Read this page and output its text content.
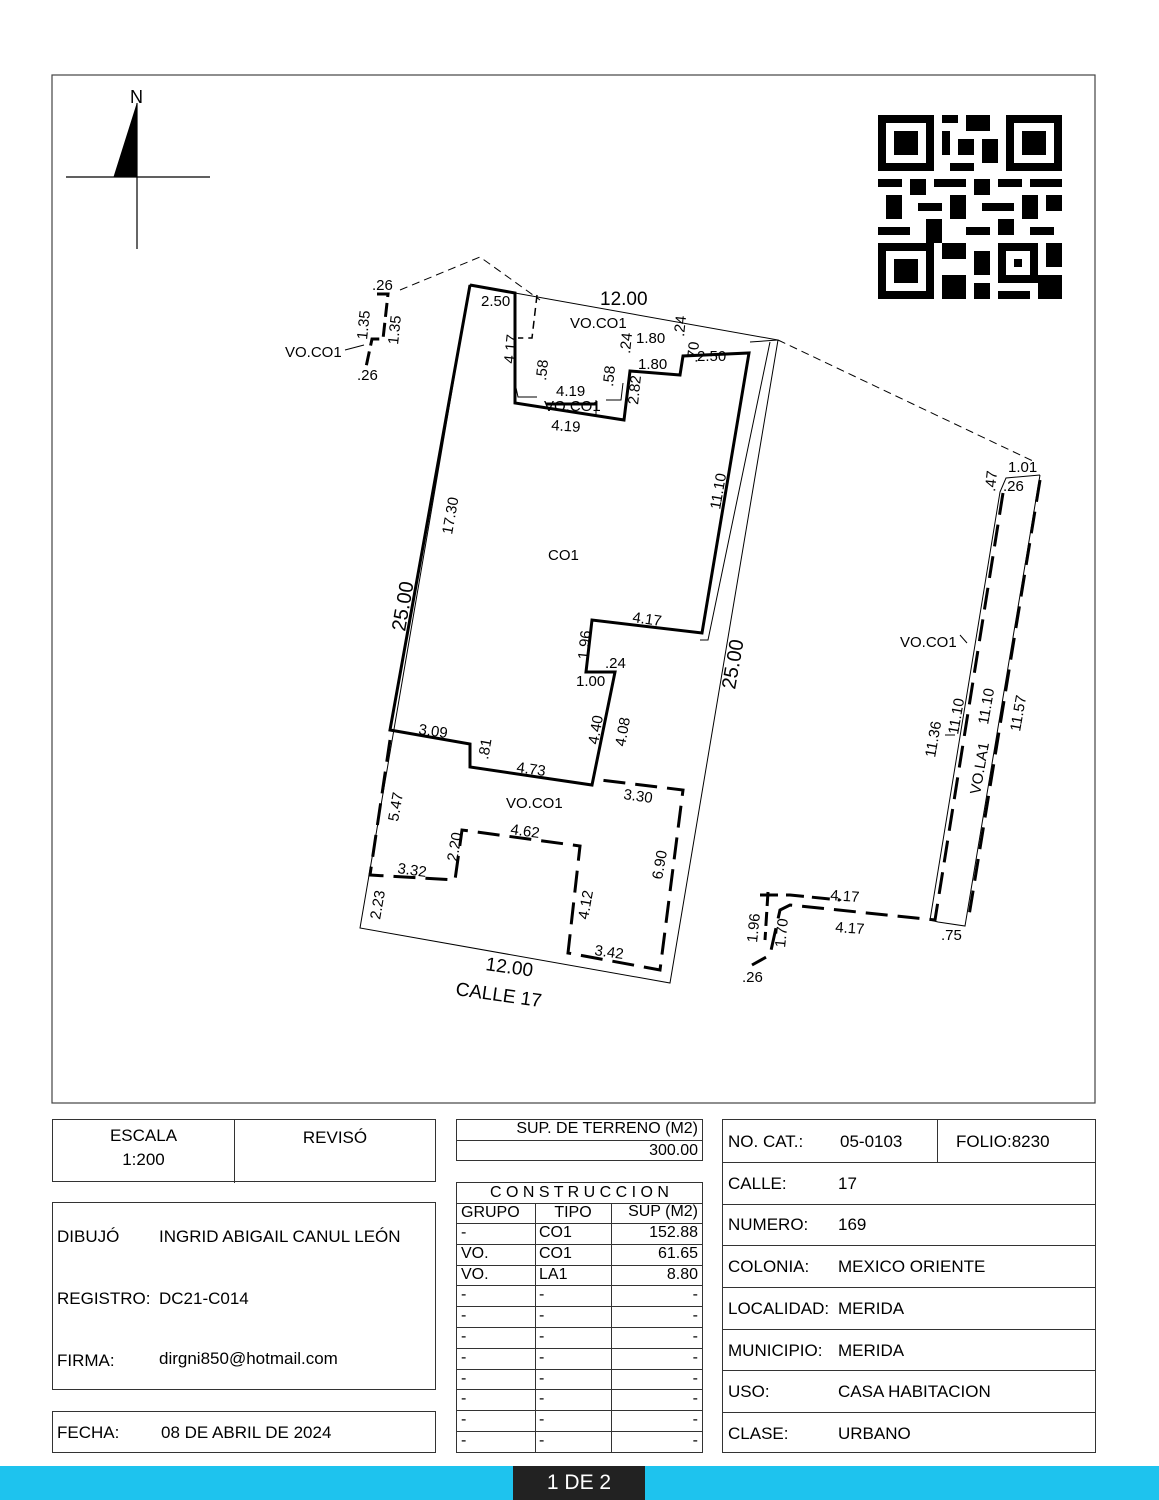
N
12.00
12.00
CALLE 17
25.00
25.00
CO1
VO.CO1
VO.CO1
VO.CO1
VO.CO1
VO.CO1
VO.LA1
2.50
4.17
.58
4.19
.58
4.19
2.82
.24 1.80
1.80
.24
.70
2.50
17.30
11.10
4.17
1.96
.24
1.00
4.40 4.08
3.09
.81
4.73
3.30
5.47
4.62
2.20
3.32	6.90
4.12
2.23
3.42
.26
1.35 1.35
.26
.47
1.01
.26
11.10 11.10
11.36
11.57
4.17
4.17	.75
1.96 1.70
.26
ESCALA
1:200
REVISÓ
DIBUJÓ INGRID ABIGAIL CANUL LEÓN
REGISTRO: DC21-C014
FIRMA:	dirgni850@hotmail.com
FECHA: 08 DE ABRIL DE 2024
SUP. DE TERRENO (M2)
300.00
C O N S T R U C C I O N
GRUPO	TIPO	SUP (M2)
-	CO1	152.88
VO.	CO1	61.65
VO.	LA1	8.80
-	-	-
-	-	-
-	-	-
-	-	-
-	-	-
-	-	-
-	-	-
-	-	-
NO. CAT.: 05-0103	FOLIO:8230
CALLE:	17
NUMERO: 169
COLONIA: MEXICO ORIENTE
LOCALIDAD: MERIDA
MUNICIPIO: MERIDA
USO:	CASA HABITACION
CLASE:	URBANO
1 DE 2
